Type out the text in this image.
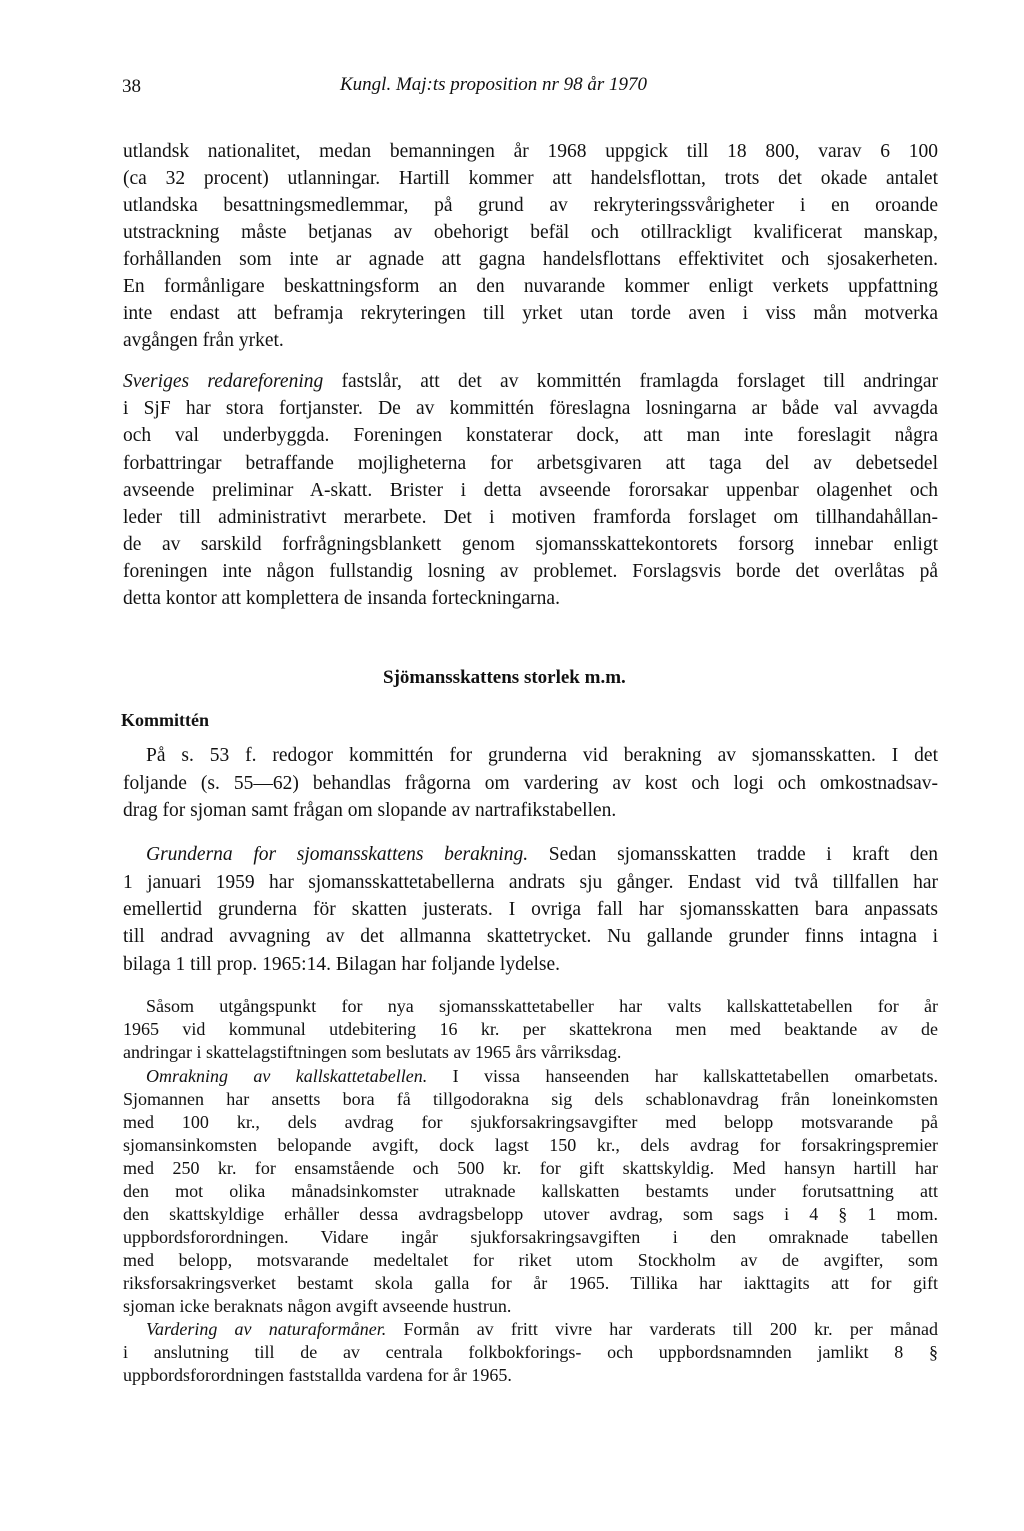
38	Kungl. Maj:ts proposition nr 98 år 1970
utlandsk nationalitet, medan bemanningen år 1968 uppgick till 18 800, varav 6 100
(ca 32 procent) utlanningar. Hartill kommer att handelsflottan, trots det okade antalet
utlandska besattningsmedlemmar, på grund av rekryteringssvårigheter i en oroande
utstrackning måste betjanas av obehorigt befäl och otillrackligt kvalificerat manskap,
forhållanden som inte ar agnade att gagna handelsflottans effektivitet och sjosakerheten.
En formånligare beskattningsform an den nuvarande kommer enligt verkets uppfattning
inte endast att beframja rekryteringen till yrket utan torde aven i viss mån motverka
avgången från yrket.
Sveriges redareforening fastslår, att det av kommittén framlagda forslaget till andringar
i SjF har stora fortjanster. De av kommittén föreslagna losningarna ar både val avvagda
och val underbyggda. Foreningen konstaterar dock, att man inte foreslagit några
forbattringar betraffande mojligheterna for arbetsgivaren att taga del av debetsedel
avseende preliminar A-skatt. Brister i detta avseende fororsakar uppenbar olagenhet och
leder till administrativt merarbete. Det i motiven framforda forslaget om tillhandahållan-
de av sarskild forfrågningsblankett genom sjomansskattekontorets forsorg innebar enligt
foreningen inte någon fullstandig losning av problemet. Forslagsvis borde det overlåtas på
detta kontor att komplettera de insanda forteckningarna.
Sjömansskattens storlek m.m.
Kommittén
På s. 53 f. redogor kommittén for grunderna vid berakning av sjomansskatten. I det
foljande (s. 55—62) behandlas frågorna om vardering av kost och logi och omkostnadsav-
drag for sjoman samt frågan om slopande av nartrafikstabellen.
Grunderna for sjomansskattens berakning. Sedan sjomansskatten tradde i kraft den
1 januari 1959 har sjomansskattetabellerna andrats sju gånger. Endast vid två tillfallen har
emellertid grunderna för skatten justerats. I ovriga fall har sjomansskatten bara anpassats
till andrad avvagning av det allmanna skattetrycket. Nu gallande grunder finns intagna i
bilaga 1 till prop. 1965:14. Bilagan har foljande lydelse.
Såsom utgångspunkt for nya sjomansskattetabeller har valts kallskattetabellen for år
1965 vid kommunal utdebitering 16 kr. per skattekrona men med beaktande av de
andringar i skattelagstiftningen som beslutats av 1965 års vårriksdag.
Omrakning av kallskattetabellen. I vissa hanseenden har kallskattetabellen omarbetats.
Sjomannen har ansetts bora få tillgodorakna sig dels schablonavdrag från loneinkomsten
med 100 kr., dels avdrag for sjukforsakringsavgifter med belopp motsvarande på
sjomansinkomsten belopande avgift, dock lagst 150 kr., dels avdrag for forsakringspremier
med 250 kr. for ensamstående och 500 kr. for gift skattskyldig. Med hansyn hartill har
den mot olika månadsinkomster utraknade kallskatten bestamts under forutsattning att
den skattskyldige erhåller dessa avdragsbelopp utover avdrag, som sags i 4 § 1 mom.
uppbordsforordningen. Vidare ingår sjukforsakringsavgiften i den omraknade tabellen
med belopp, motsvarande medeltalet for riket utom Stockholm av de avgifter, som
riksforsakringsverket bestamt skola galla for år 1965. Tillika har iakttagits att for gift
sjoman icke beraknats någon avgift avseende hustrun.
Vardering av naturaformåner. Formån av fritt vivre har varderats till 200 kr. per månad
i anslutning till de av centrala folkbokforings- och uppbordsnamnden jamlikt 8 §
uppbordsforordningen faststallda vardena for år 1965.
